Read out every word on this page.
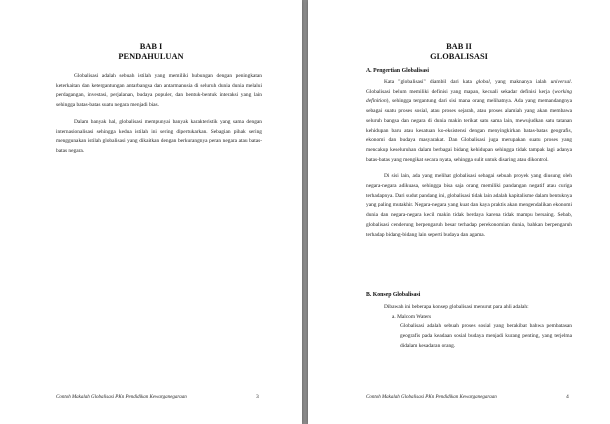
BAB I
PENDAHULUAN

Globalisasi adalah sebuah istilah yang memiliki hubungan dengan peningkatan keterkaitan dan ketergantungan antarbangsa dan antarmanusia di seluruh dunia dunia melalui perdagangan, investasi, perjalanan, budaya populer, dan bentuk-bentuk interaksi yang lain sehingga batas-batas suatu negara menjadi bias.

Dalam banyak hal, globalisasi mempunyai banyak karakteristik yang sama dengan internasionalisasi sehingga kedua istilah ini sering dipertukarkan. Sebagian pihak sering menggunakan istilah globalisasi yang dikaitkan dengan berkurangnya peran negara atau batas-batas negara.

Contoh Makalah Globalisasi PKn Pendidikan Kewarganegaraan	3
BAB II
GLOBALISASI
A. Pengertian Globalisasi

Kata "globalisasi" diambil dari kata global, yang maknanya ialah universal. Globalisasi belum memiliki definisi yang mapan, kecuali sekadar definisi kerja (working definition), sehingga tergantung dari sisi mana orang melihatnya. Ada yang memandangnya sebagai suatu proses sosial, atau proses sejarah, atau proses alamiah yang akan membawa seluruh bangsa dan negara di dunia makin terikat satu sama lain, mewujudkan satu tatanan kehidupan baru atau kesatuan ko-eksistensi dengan menyingkirkan batas-batas geografis, ekonomi dan budaya masyarakat. Dan Globalisasi juga merupakan suatu proses yang mencakup keseluruhan dalam berbagai bidang kehidupan sehingga tidak tampak lagi adanya batas-batas yang mengikat secara nyata, sehingga sulit untuk disaring atau dikontrol.

Di sisi lain, ada yang melihat globalisasi sebagai sebuah proyek yang diusung oleh negara-negara adikuasa, sehingga bisa saja orang memiliki pandangan negatif atau curiga terhadapnya. Dari sudut pandang ini, globalisasi tidak lain adalah kapitalisme dalam bentuknya yang paling mutakhir. Negara-negara yang kuat dan kaya praktis akan mengendalikan ekonomi dunia dan negara-negara kecil makin tidak berdaya karena tidak mampu bersaing. Sebab, globalisasi cenderung berpengaruh besar terhadap perekonomian dunia, bahkan berpengaruh terhadap bidang-bidang lain seperti budaya dan agama.

B. Konsep Globalisasi

Dibawah ini beberapa konsep globalisasi menurut para ahli adalah:

a. Malcom Waters

Globalisasi adalah sebuah proses sosial yang berakibat bahwa pembatasan geografis pada keadaan sosial budaya menjadi kurang penting, yang terjelma didalam kesadaran orang.

Contoh Makalah Globalisasi PKn Pendidikan Kewarganegaraan	4
